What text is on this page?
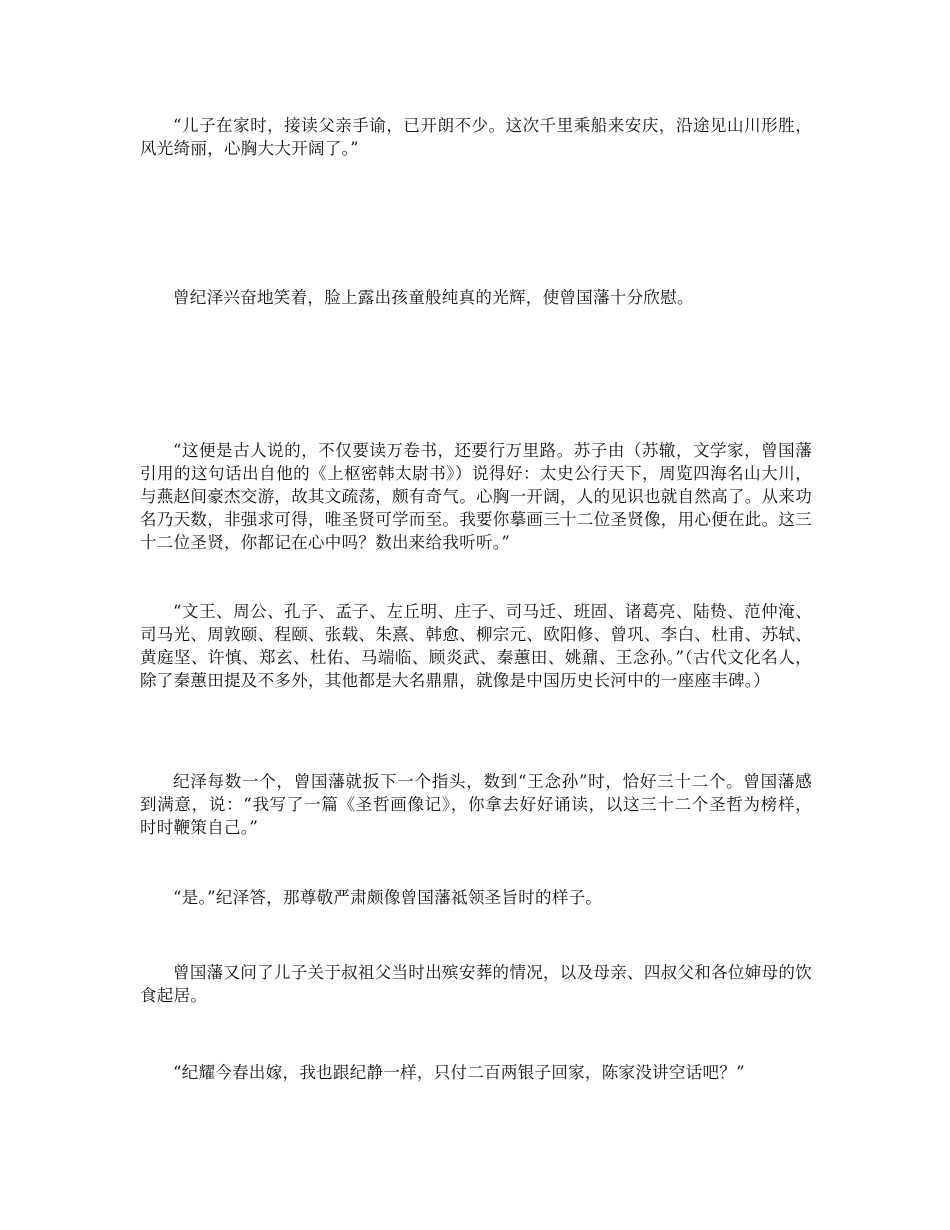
“儿子在家时，接读父亲手谕，已开朗不少。这次千里乘船来安庆，沿途见山川形胜，风光绮丽，心胸大大开阔了。”

曾纪泽兴奋地笑着，脸上露出孩童般纯真的光辉，使曾国藩十分欣慰。

“这便是古人说的，不仅要读万卷书，还要行万里路。苏子由（苏辙，文学家，曾国藩引用的这句话出自他的《上枢密韩太尉书》）说得好：太史公行天下，周览四海名山大川，与燕赵间豪杰交游，故其文疏荡，颇有奇气。心胸一开阔，人的见识也就自然高了。从来功名乃天数，非强求可得，唯圣贤可学而至。我要你摹画三十二位圣贤像，用心便在此。这三十二位圣贤，你都记在心中吗？数出来给我听听。”

“文王、周公、孔子、孟子、左丘明、庄子、司马迁、班固、诸葛亮、陆贽、范仲淹、司马光、周敦颐、程颐、张载、朱熹、韩愈、柳宗元、欧阳修、曾巩、李白、杜甫、苏轼、黄庭坚、许慎、郑玄、杜佑、马端临、顾炎武、秦蕙田、姚鼐、王念孙。”（古代文化名人，除了秦蕙田提及不多外，其他都是大名鼎鼎，就像是中国历史长河中的一座座丰碑。）

纪泽每数一个，曾国藩就扳下一个指头，数到“王念孙”时，恰好三十二个。曾国藩感到满意，说：“我写了一篇《圣哲画像记》，你拿去好好诵读，以这三十二个圣哲为榜样，时时鞭策自己。”

“是。”纪泽答，那尊敬严肃颇像曾国藩祗领圣旨时的样子。

曾国藩又问了儿子关于叔祖父当时出殡安葬的情况，以及母亲、四叔父和各位婶母的饮食起居。

“纪耀今春出嫁，我也跟纪静一样，只付二百两银子回家，陈家没讲空话吧？”
